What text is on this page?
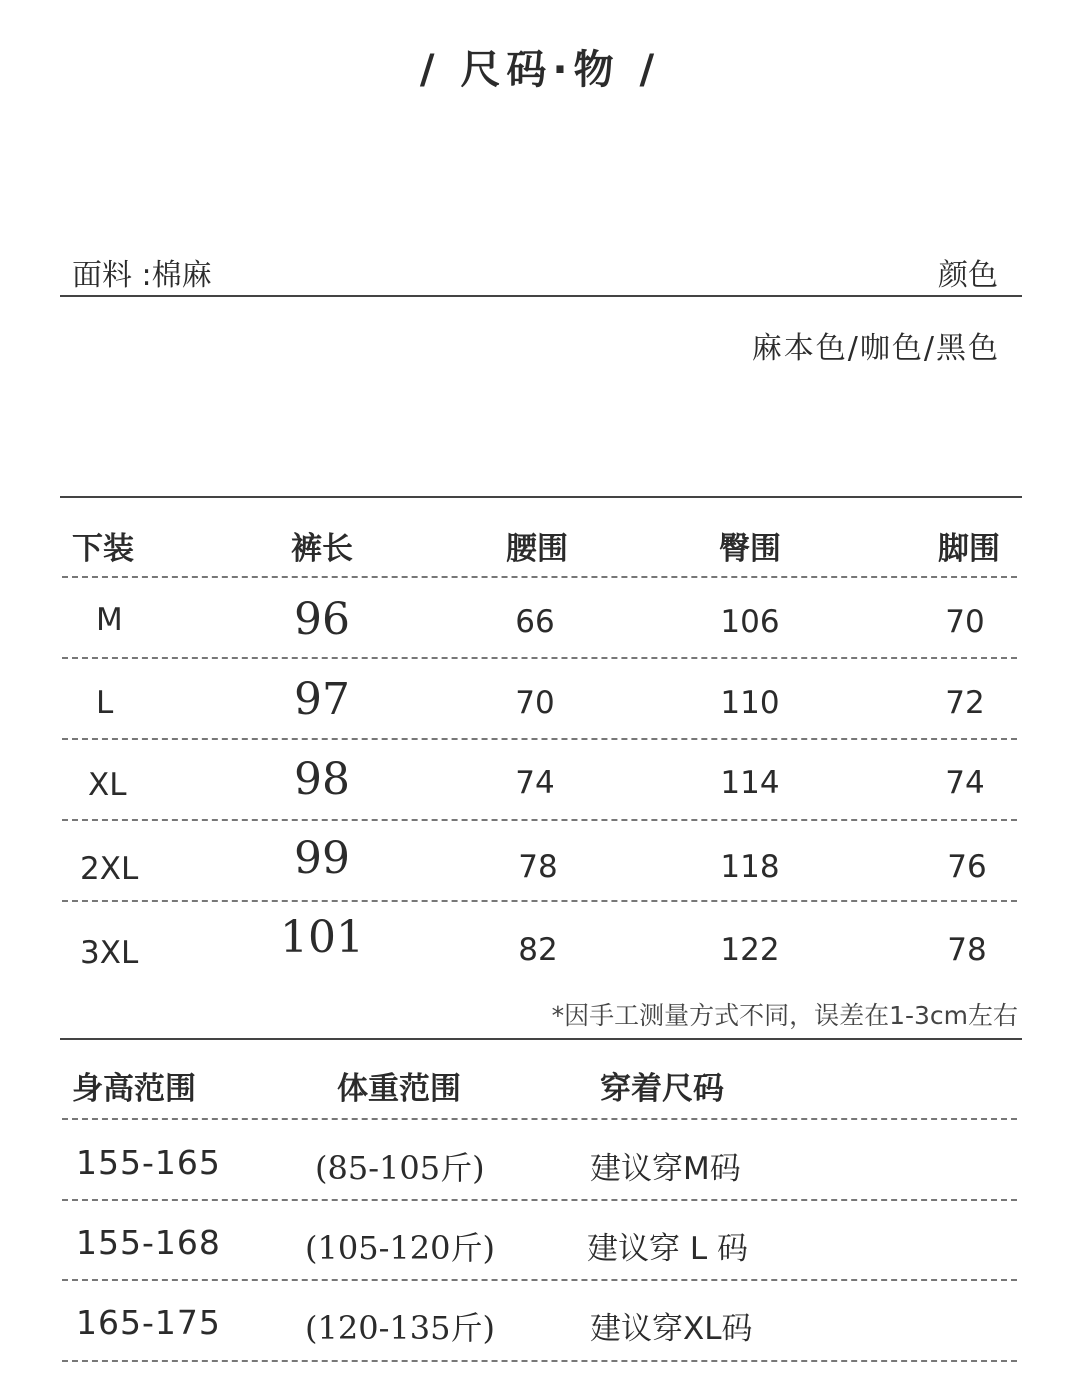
/ 尺码·物 /
面料 :棉麻	颜色
麻本色/咖色/黑色
下装	裤长	腰围	臀围	脚围
M	96	66	106	70
L	97	70	110	72
XL	98	74	114	74
2XL	99	78	118	76
3XL	101	82	122	78
*因手工测量方式不同，误差在1-3cm左右
身高范围	体重范围	穿着尺码
155-165	(85-105斤)	建议穿M码
155-168	(105-120斤)	建议穿 L 码
165-175	(120-135斤)	建议穿XL码
